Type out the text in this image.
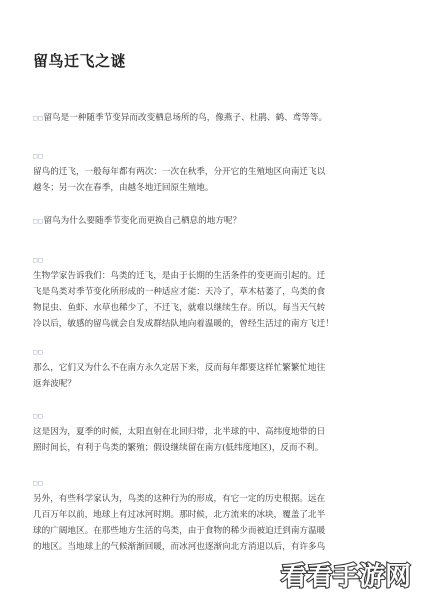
留鸟迁飞之谜
□□留鸟是一种随季节变异而改变栖息场所的鸟，像燕子、杜鹃、鹤、鸢等等。
□□
留鸟的迁飞，一般每年都有两次：一次在秋季，分开它的生殖地区向南迁飞以
越冬；另一次在春季，由越冬地迁回原生殖地。
□□留鸟为什么要随季节变化而更换自己栖息的地方呢？
□□
生物学家告诉我们：鸟类的迁飞，是由于长期的生活条件的变更而引起的。迁
飞是鸟类对季节变化所形成的一种适应才能：天冷了，草木枯萎了，鸟类的食
物昆虫、鱼虾、水草也稀少了，不迁飞，就难以继续生存。所以，每当天气转
冷以后，敏感的留鸟就会自发成群结队地向着温暖的，曾经生活过的南方飞迁！
□□
那么，它们又为什么不在南方永久定居下来，反而每年都要这样忙繁繁忙地往
返奔波呢？
□□
这是因为，夏季的时候，太阳直射在北回归带，北半球的中、高纬度地带的日
照时间长，有利于鸟类的繁殖；假设继续留在南方(低纬度地区)，反而不利。
□□
另外，有些科学家认为，鸟类的这种行为的形成，有它一定的历史根据。远在
几百万年以前，地球上有过冰河时期。那时候，北方流来的冰块，覆盖了北半
球的广阔地区。在那些地方生活的鸟类，由于食物的稀少而被迫迁到南方温暖
的地区。当地球上的气候渐渐回暖，而冰河也逐渐向北方消退以后，有许多鸟
看看手游网
